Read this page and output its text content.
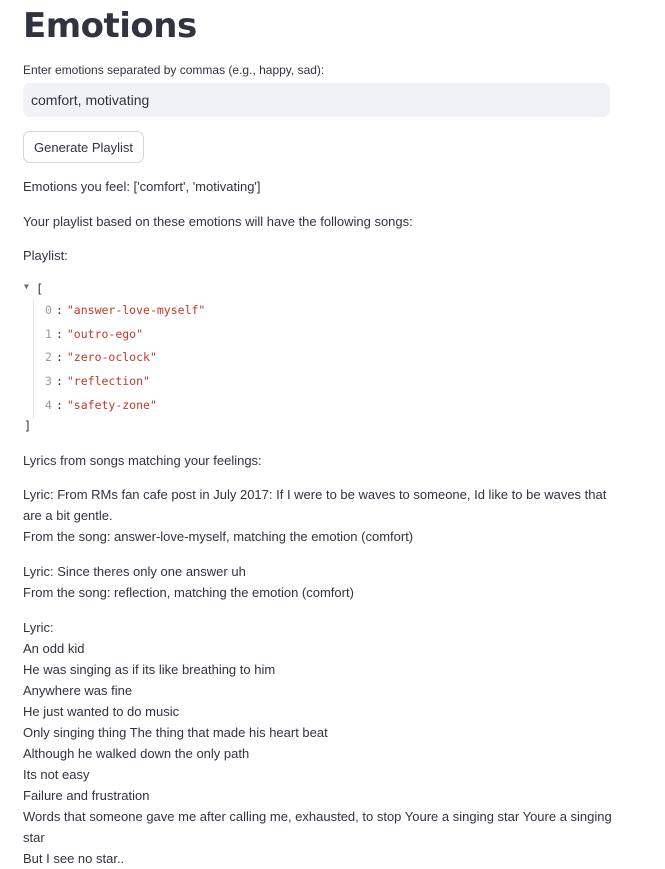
Emotions
Enter emotions separated by commas (e.g., happy, sad):
comfort, motivating
Generate Playlist

Emotions you feel: ['comfort', 'motivating']

Your playlist based on these emotions will have the following songs:

Playlist:

▼ [
0 : "answer-love-myself"
1 : "outro-ego"
2 : "zero-oclock"
3 : "reflection"
4 : "safety-zone"
]

Lyrics from songs matching your feelings:

Lyric: From RMs fan cafe post in July 2017: If I were to be waves to someone, Id like to be waves that are a bit gentle.
From the song: answer-love-myself, matching the emotion (comfort)
Lyric: Since theres only one answer uh
From the song: reflection, matching the emotion (comfort)
Lyric:
An odd kid
He was singing as if its like breathing to him
Anywhere was fine
He just wanted to do music
Only singing thing The thing that made his heart beat
Although he walked down the only path
Its not easy
Failure and frustration
Words that someone gave me after calling me, exhausted, to stop Youre a singing star Youre a singing star
But I see no star..
